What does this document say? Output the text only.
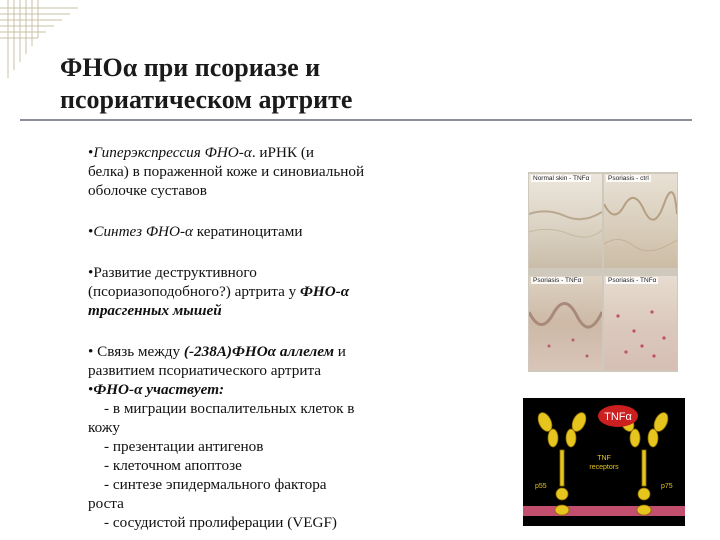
ФНОα при псориазе и
псориатическом артрите

•Гиперэкспрессия ФНО-α. иРНК (и

белка) в пораженной коже и синовиальной

оболочке суставов

•Синтез ФНО-α кератиноцитами

•Развитие деструктивного

(псориазоподобного?) артрита у ФНО-α

трасгенных мышей

• Связь между (-238А)ФНОα аллелем и

развитием псориатического артрита

•ФНО-α участвует:

- в миграции воспалительных клеток в

кожу

- презентации антигенов

- клеточном апоптозе

- синтезе эпидермального фактора

роста

- сосудистой пролиферации (VEGF)

Normal skin - TNFα	Psoriasis - ctrl
Psoriasis - TNFα	Psoriasis - TNFα
TNFα
TNF
receptors
p55	p75
